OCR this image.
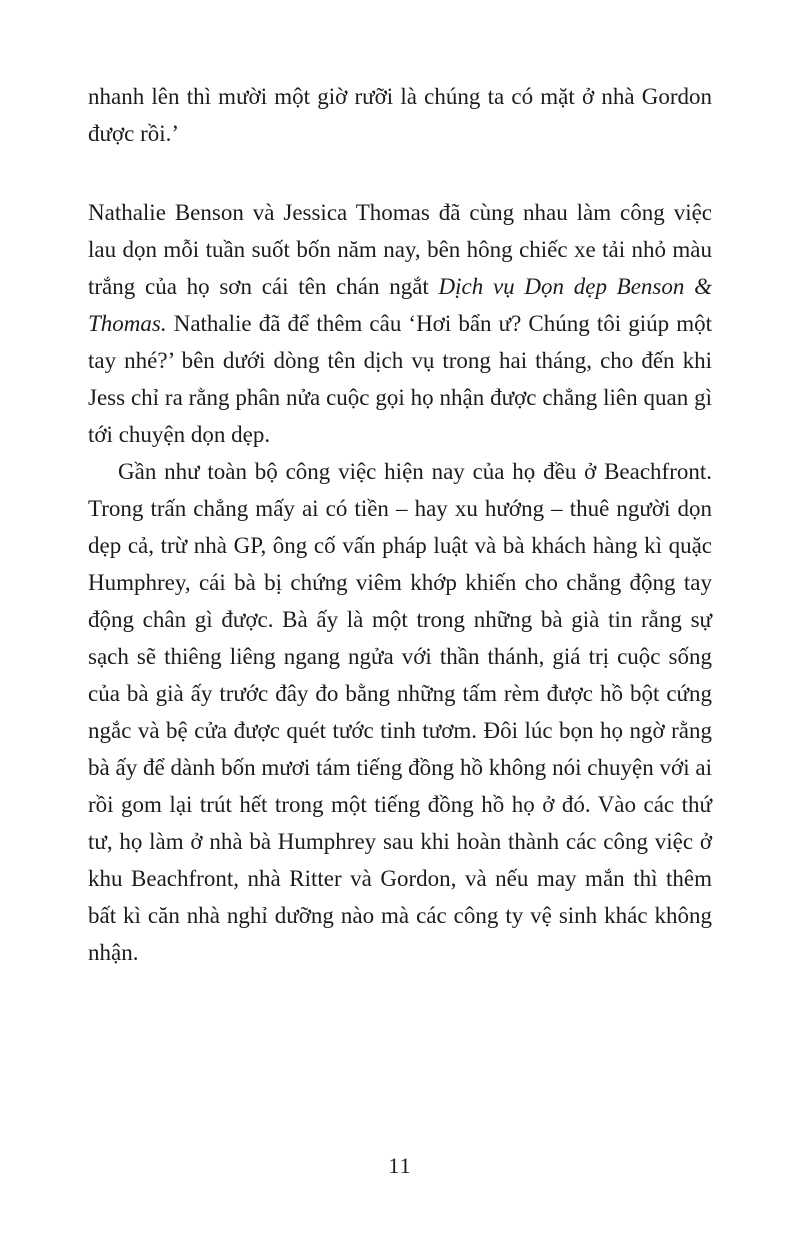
nhanh lên thì mười một giờ rưỡi là chúng ta có mặt ở nhà Gordon được rồi.’

Nathalie Benson và Jessica Thomas đã cùng nhau làm công việc lau dọn mỗi tuần suốt bốn năm nay, bên hông chiếc xe tải nhỏ màu trắng của họ sơn cái tên chán ngắt Dịch vụ Dọn dẹp Benson & Thomas. Nathalie đã để thêm câu ‘Hơi bẩn ư? Chúng tôi giúp một tay nhé?’ bên dưới dòng tên dịch vụ trong hai tháng, cho đến khi Jess chỉ ra rằng phân nửa cuộc gọi họ nhận được chẳng liên quan gì tới chuyện dọn dẹp.

Gần như toàn bộ công việc hiện nay của họ đều ở Beachfront. Trong trấn chẳng mấy ai có tiền – hay xu hướng – thuê người dọn dẹp cả, trừ nhà GP, ông cố vấn pháp luật và bà khách hàng kì quặc Humphrey, cái bà bị chứng viêm khớp khiến cho chẳng động tay động chân gì được. Bà ấy là một trong những bà già tin rằng sự sạch sẽ thiêng liêng ngang ngửa với thần thánh, giá trị cuộc sống của bà già ấy trước đây đo bằng những tấm rèm được hồ bột cứng ngắc và bệ cửa được quét tước tinh tươm. Đôi lúc bọn họ ngờ rằng bà ấy để dành bốn mươi tám tiếng đồng hồ không nói chuyện với ai rồi gom lại trút hết trong một tiếng đồng hồ họ ở đó. Vào các thứ tư, họ làm ở nhà bà Humphrey sau khi hoàn thành các công việc ở khu Beachfront, nhà Ritter và Gordon, và nếu may mắn thì thêm bất kì căn nhà nghỉ dưỡng nào mà các công ty vệ sinh khác không nhận.

11
